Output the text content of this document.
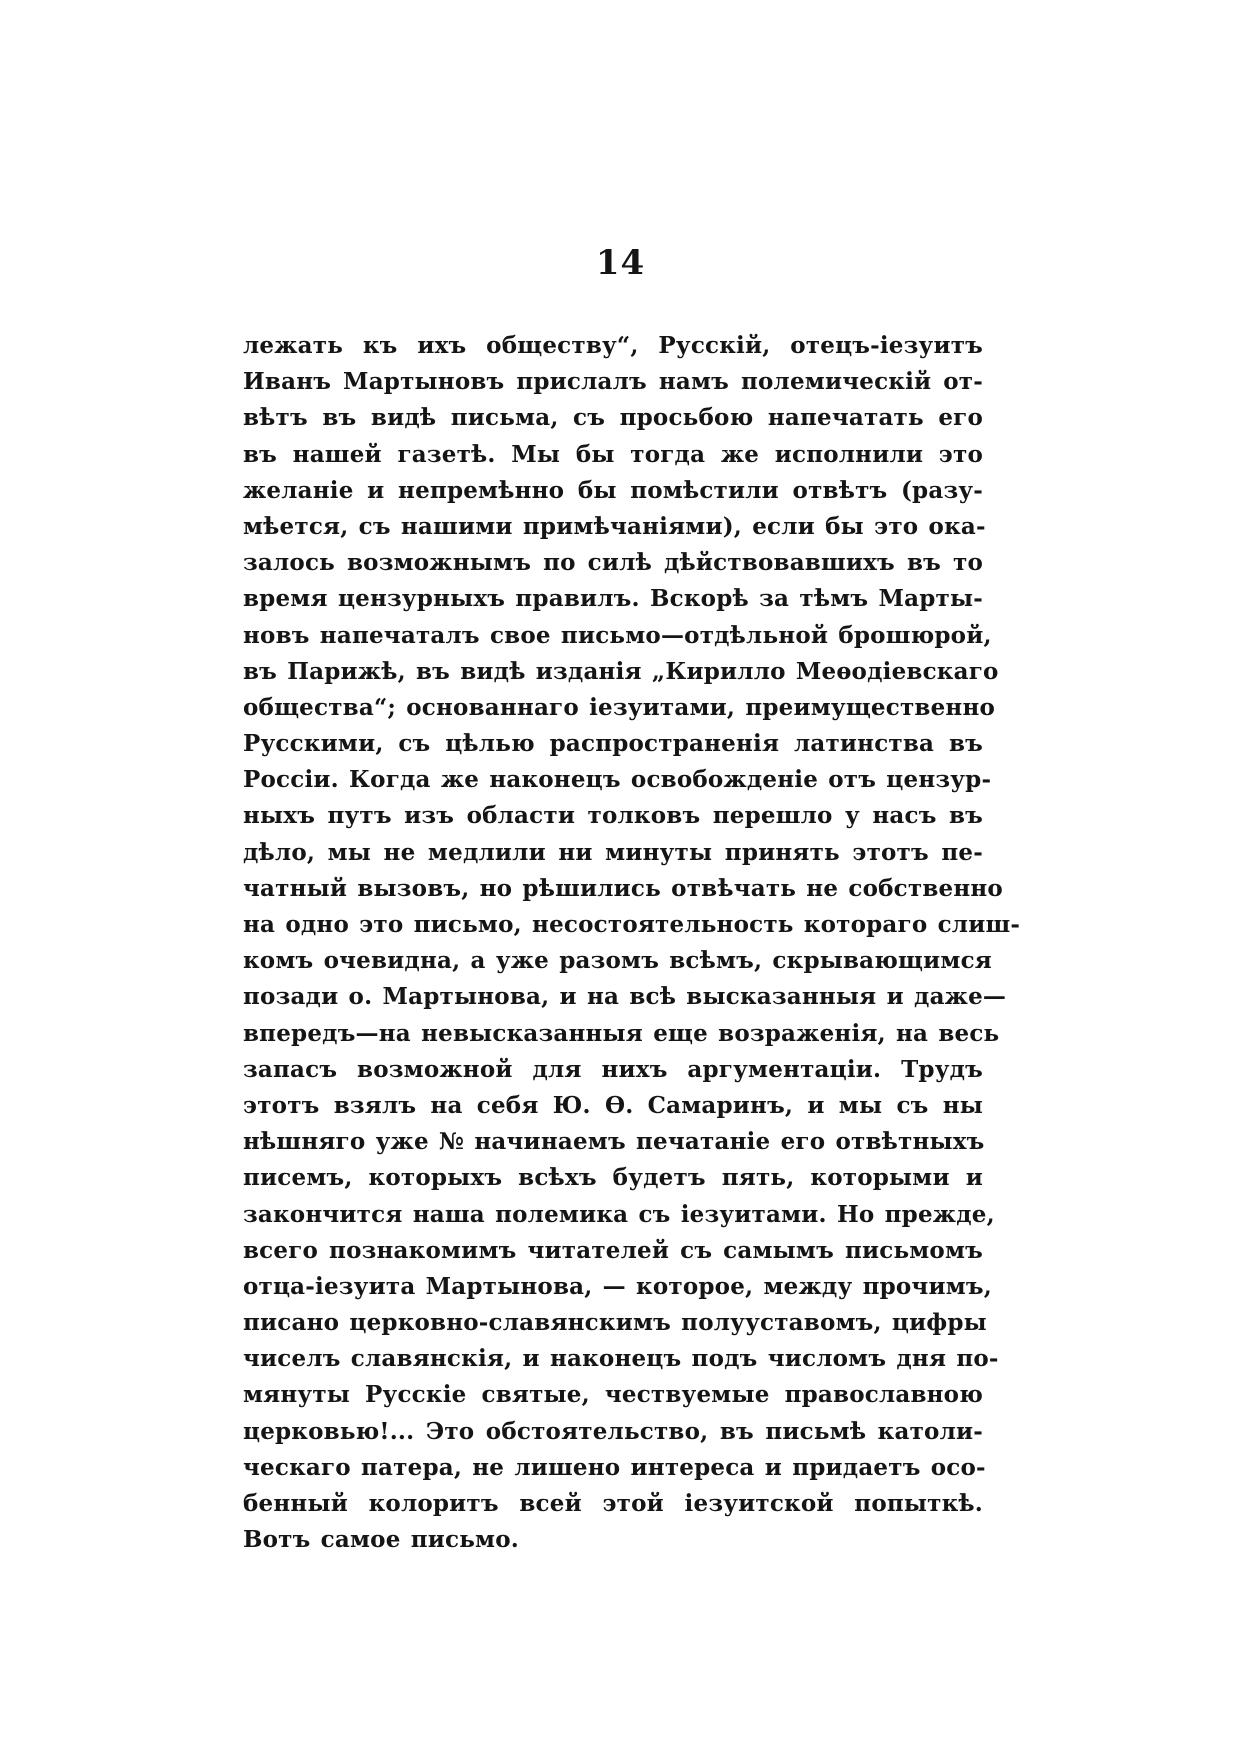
14
лежать къ ихъ обществу“, Русскій, отецъ-іезуитъ
Иванъ Мартыновъ прислалъ намъ полемическій от-
вѣтъ въ видѣ письма, съ просьбою напечатать его
въ нашей газетѣ. Мы бы тогда же исполнили это
желаніе и непремѣнно бы помѣстили отвѣтъ (разу-
мѣется, съ нашими примѣчаніями), если бы это ока-
залось возможнымъ по силѣ дѣйствовавшихъ въ то
время цензурныхъ правилъ. Вскорѣ за тѣмъ Марты-
новъ напечаталъ свое письмо—отдѣльной брошюрой,
въ Парижѣ, въ видѣ изданія „Кирилло Меѳодіевскаго
общества“; основаннаго іезуитами, преимущественно
Русскими, съ цѣлью распространенія латинства въ
Россіи. Когда же наконецъ освобожденіе отъ цензур-
ныхъ путъ изъ области толковъ перешло у насъ въ
дѣло, мы не медлили ни минуты принять этотъ пе-
чатный вызовъ, но рѣшились отвѣчать не собственно
на одно это письмо, несостоятельность котораго слиш-
комъ очевидна, а уже разомъ всѣмъ, скрывающимся
позади о. Мартынова, и на всѣ высказанныя и даже—
впередъ—на невысказанныя еще возраженія, на весь
запасъ возможной для нихъ аргументаціи. Трудъ
этотъ взялъ на себя Ю. Ѳ. Самаринъ, и мы съ ны
нѣшняго уже № начинаемъ печатаніе его отвѣтныхъ
писемъ, которыхъ всѣхъ будетъ пять, которыми и
закончится наша полемика съ іезуитами. Но прежде,
всего познакомимъ читателей съ самымъ письмомъ
отца-іезуита Мартынова, — которое, между прочимъ,
писано церковно-славянскимъ полууставомъ, цифры
чиселъ славянскія, и наконецъ подъ числомъ дня по-
мянуты Русскіе святые, чествуемые православною
церковью!... Это обстоятельство, въ письмѣ католи-
ческаго патера, не лишено интереса и придаетъ осо-
бенный колоритъ всей этой іезуитской попыткѣ.
Вотъ самое письмо.
